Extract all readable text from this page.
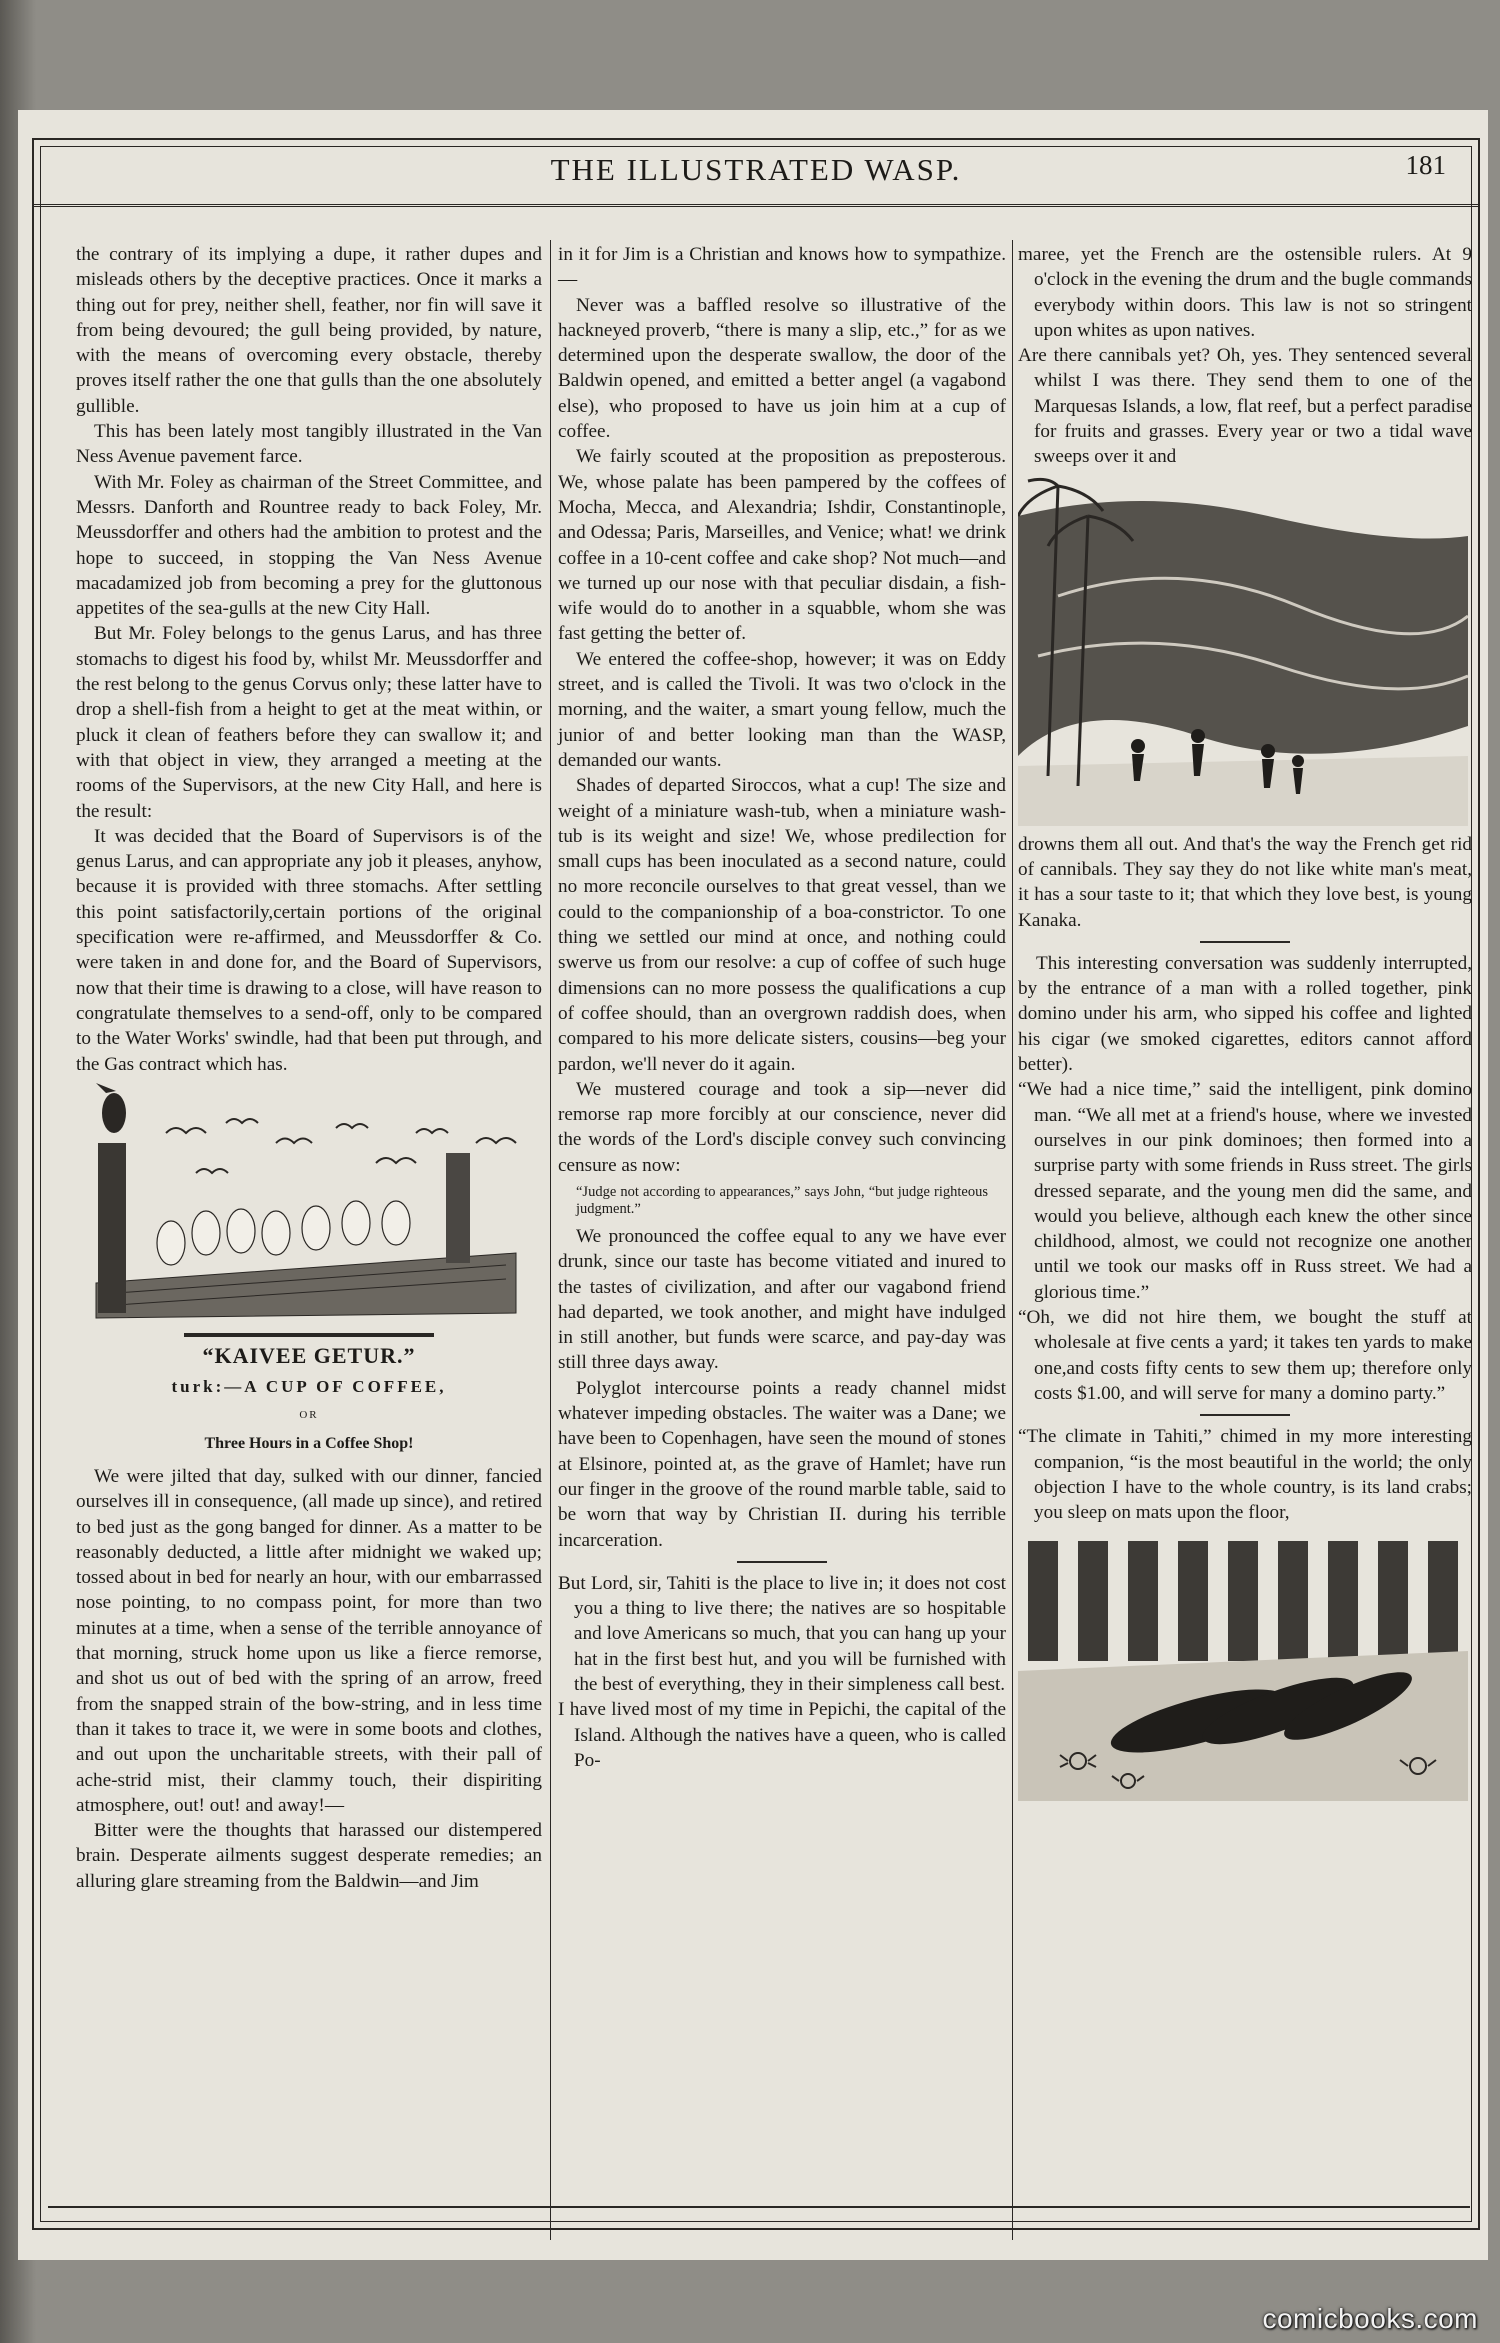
THE ILLUSTRATED WASP.	181

the contrary of its implying a dupe, it rather dupes and misleads others by the deceptive practices. Once it marks a thing out for prey, neither shell, feather, nor fin will save it from being devoured; the gull being provided, by nature, with the means of overcoming every obstacle, thereby proves itself rather the one that gulls than the one absolutely gullible.

This has been lately most tangibly illustrated in the Van Ness Avenue pavement farce.

With Mr. Foley as chairman of the Street Committee, and Messrs. Danforth and Rountree ready to back Foley, Mr. Meussdorffer and others had the ambition to protest and the hope to succeed, in stopping the Van Ness Avenue macadamized job from becoming a prey for the gluttonous appetites of the sea-gulls at the new City Hall.

But Mr. Foley belongs to the genus Larus, and has three stomachs to digest his food by, whilst Mr. Meussdorffer and the rest belong to the genus Corvus only; these latter have to drop a shell-fish from a height to get at the meat within, or pluck it clean of feathers before they can swallow it; and with that object in view, they arranged a meeting at the rooms of the Supervisors, at the new City Hall, and here is the result:

It was decided that the Board of Supervisors is of the genus Larus, and can appropriate any job it pleases, anyhow, because it is provided with three stomachs. After settling this point satisfactorily,certain portions of the original specification were re-affirmed, and Meussdorffer & Co. were taken in and done for, and the Board of Supervisors, now that their time is drawing to a close, will have reason to congratulate themselves to a send-off, only to be compared to the Water Works' swindle, had that been put through, and the Gas contract which has.

“KAIVEE GETUR.”
turk:—A CUP OF COFFEE,
OR
Three Hours in a Coffee Shop!

We were jilted that day, sulked with our dinner, fancied ourselves ill in consequence, (all made up since), and retired to bed just as the gong banged for dinner. As a matter to be reasonably deducted, a little after midnight we waked up; tossed about in bed for nearly an hour, with our embarrassed nose pointing, to no compass point, for more than two minutes at a time, when a sense of the terrible annoyance of that morning, struck home upon us like a fierce remorse, and shot us out of bed with the spring of an arrow, freed from the snapped strain of the bow-string, and in less time than it takes to trace it, we were in some boots and clothes, and out upon the uncharitable streets, with their pall of ache-strid mist, their clammy touch, their dispiriting atmosphere, out! out! and away!—

Bitter were the thoughts that harassed our distempered brain. Desperate ailments suggest desperate remedies; an alluring glare streaming from the Baldwin—and Jim

in it for Jim is a Christian and knows how to sympathize.—

Never was a baffled resolve so illustrative of the hackneyed proverb, “there is many a slip, etc.,” for as we determined upon the desperate swallow, the door of the Baldwin opened, and emitted a better angel (a vagabond else), who proposed to have us join him at a cup of coffee.

We fairly scouted at the proposition as preposterous. We, whose palate has been pampered by the coffees of Mocha, Mecca, and Alexandria; Ishdir, Constantinople, and Odessa; Paris, Marseilles, and Venice; what! we drink coffee in a 10-cent coffee and cake shop? Not much—and we turned up our nose with that peculiar disdain, a fish-wife would do to another in a squabble, whom she was fast getting the better of.

We entered the coffee-shop, however; it was on Eddy street, and is called the Tivoli. It was two o'clock in the morning, and the waiter, a smart young fellow, much the junior of and better looking man than the WASP, demanded our wants.

Shades of departed Siroccos, what a cup! The size and weight of a miniature wash-tub, when a miniature wash-tub is its weight and size! We, whose predilection for small cups has been inoculated as a second nature, could no more reconcile ourselves to that great vessel, than we could to the companionship of a boa-constrictor. To one thing we settled our mind at once, and nothing could swerve us from our resolve: a cup of coffee of such huge dimensions can no more possess the qualifications a cup of coffee should, than an overgrown raddish does, when compared to his more delicate sisters, cousins—beg your pardon, we'll never do it again.

We mustered courage and took a sip—never did remorse rap more forcibly at our conscience, never did the words of the Lord's disciple convey such convincing censure as now:

“Judge not according to appearances,” says John, “but judge righteous judgment.”

We pronounced the coffee equal to any we have ever drunk, since our taste has become vitiated and inured to the tastes of civilization, and after our vagabond friend had departed, we took another, and might have indulged in still another, but funds were scarce, and pay-day was still three days away.

Polyglot intercourse points a ready channel midst whatever impeding obstacles. The waiter was a Dane; we have been to Copenhagen, have seen the mound of stones at Elsinore, pointed at, as the grave of Hamlet; have run our finger in the groove of the round marble table, said to be worn that way by Christian II. during his terrible incarceration.

But Lord, sir, Tahiti is the place to live in; it does not cost you a thing to live there; the natives are so hospitable and love Americans so much, that you can hang up your hat in the first best hut, and you will be furnished with the best of everything, they in their simpleness call best.

I have lived most of my time in Pepichi, the capital of the Island. Although the natives have a queen, who is called Po-

maree, yet the French are the ostensible rulers. At 9 o'clock in the evening the drum and the bugle commands everybody within doors. This law is not so stringent upon whites as upon natives.

Are there cannibals yet? Oh, yes. They sentenced several whilst I was there. They send them to one of the Marquesas Islands, a low, flat reef, but a perfect paradise for fruits and grasses. Every year or two a tidal wave sweeps over it and

drowns them all out. And that's the way the French get rid of cannibals. They say they do not like white man's meat, it has a sour taste to it; that which they love best, is young Kanaka.

This interesting conversation was suddenly interrupted, by the entrance of a man with a rolled together, pink domino under his arm, who sipped his coffee and lighted his cigar (we smoked cigarettes, editors cannot afford better).

“We had a nice time,” said the intelligent, pink domino man. “We all met at a friend's house, where we invested ourselves in our pink dominoes; then formed into a surprise party with some friends in Russ street. The girls dressed separate, and the young men did the same, and would you believe, although each knew the other since childhood, almost, we could not recognize one another until we took our masks off in Russ street. We had a glorious time.”

“Oh, we did not hire them, we bought the stuff at wholesale at five cents a yard; it takes ten yards to make one,and costs fifty cents to sew them up; therefore only costs $1.00, and will serve for many a domino party.”

“The climate in Tahiti,” chimed in my more interesting companion, “is the most beautiful in the world; the only objection I have to the whole country, is its land crabs; you sleep on mats upon the floor,

comicbooks.com
